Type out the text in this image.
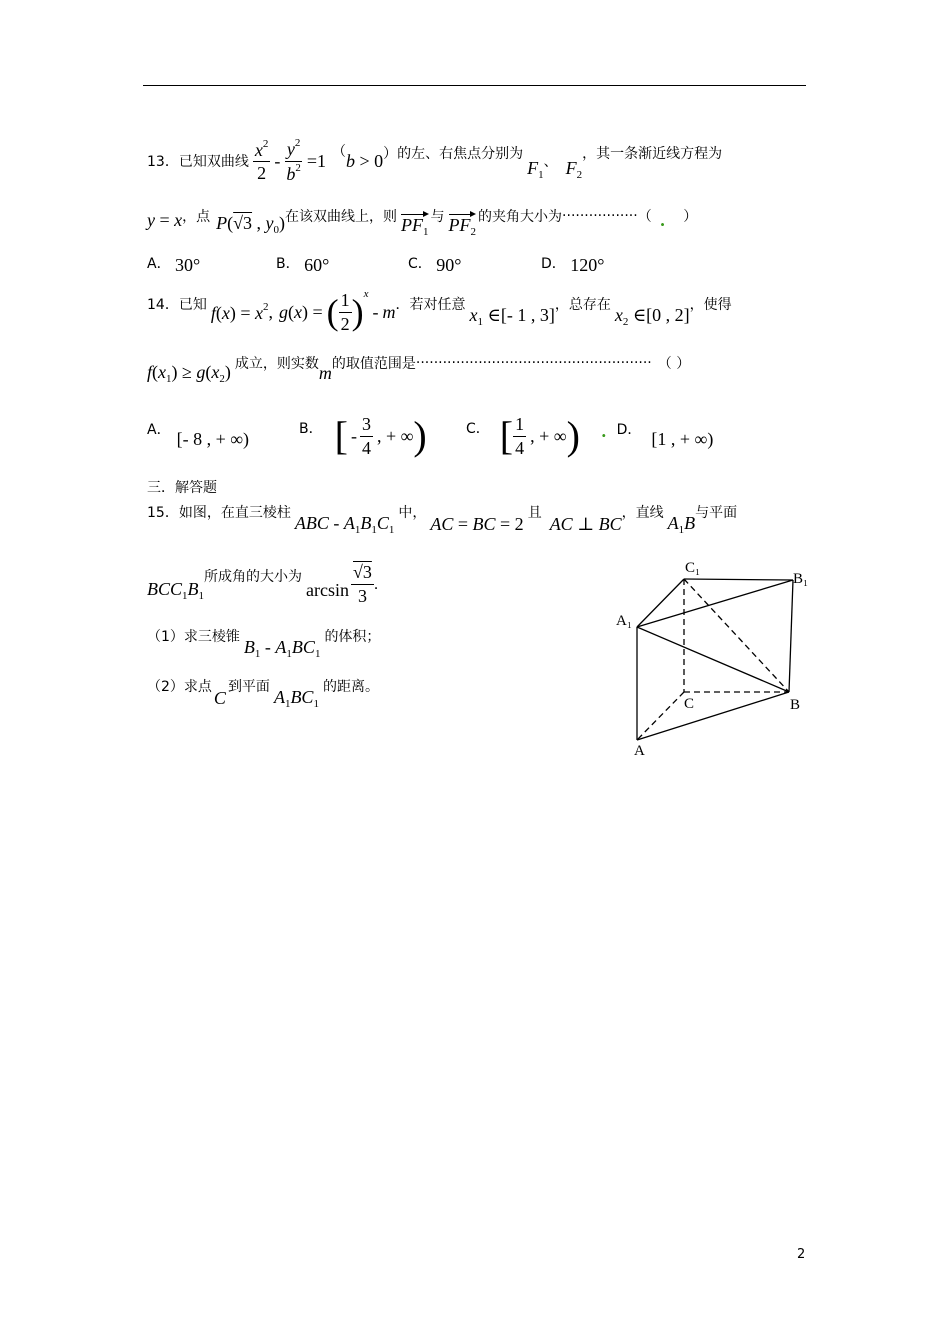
13．已知双曲线 $\frac{x^2}{2} - \frac{y^2}{b^2} =1$ （ b > 0 ）的左、右焦点分别为
$F_1$
、 $F_2$
，其一条渐近线方程为
y = x ，点 P(√3 , $y_0$) 在该双曲线上，则 $PF_1$
与 $PF_2$
的夹角大小为 ················· （ . ）
A． 30°	B． 60°	C． 90°	D． 120°
14．已知 $f(x) = x^2$ , g ( x ) = ( $\frac{1}{2}$ ) x
- m ．若对任意 $x_1$ ∈[- 1 , 3] ，总存在 $x_2$ ∈[0 , 2] ，使得
$f(x_1) \ge g(x_2)$ 成立，则实数 m 的取值范围是 ····················································· （ ）
A． [- 8 , + ∞)	B． [ - $\frac{3}{4}$ , + ∞ )	C． [ $\frac{1}{4}$ , + ∞ ) . D． [1 , + ∞)
三．解答题
15．如图，在直三棱柱 ABC - $A_1B_1C_1$
中，
AC = BC = 2
且
AC ⊥ BC
，直线 $A_1B$ 与平面
$BCC_1B_1$
所成角的大小为
$\arcsin \frac{√3}{3}$ ．
（1）求三棱锥 $B_1 - A_1BC_1$
的体积；
（2）求点
C
到平面 $A_1BC_1$
的距离。
C₁
B₁
A₁
C	B
A
2
